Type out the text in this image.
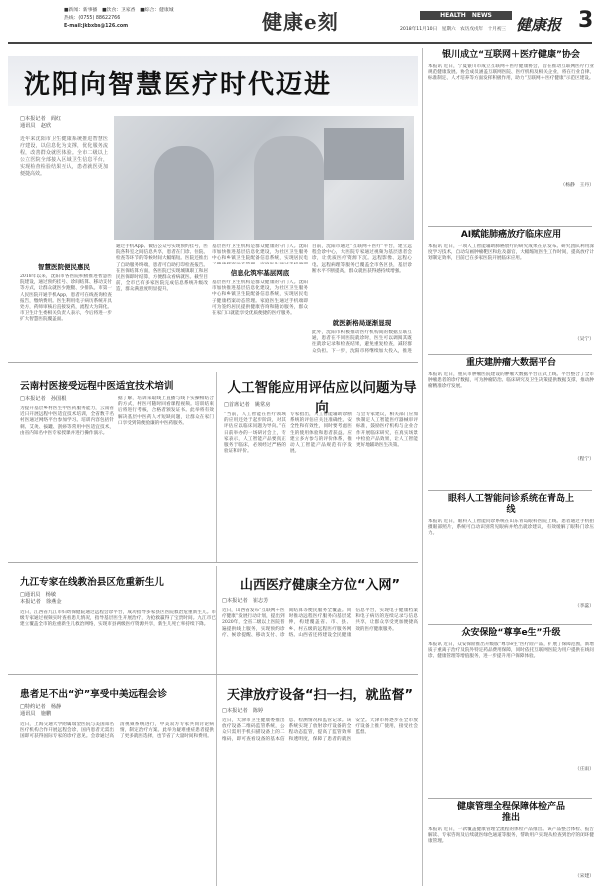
■新闻：新事播　■饮食：卫家香　■综合：健康城
热线：(0755) 88622766
E-mail:jkbxbs@126.com	健康e刻	HEALTH　NEWS
2018年11月10日　星期六　农历戊戌年　十月初三 健康报 3
沈阳向智慧医疗时代迈进
□本报记者　阎红
通讯员　赵欣
近年来沈阳市卫生健康系统推进智慧医疗建设，以信息化为支撑，优化服务流程，改善群众就医体验。全市二级以上公立医院全部接入区域卫生信息平台，实现检查检验结果互认，患者就医更加便捷高效。
智慧医院便民惠民
2018年以来，沈阳市各医院积极推进智慧医院建设，通过预约挂号、诊间结算、移动支付等方式，让群众就医少跑腿、少排队。市第一人民医院开通手机App，患者可在线查询检查报告，缴纳费用。医生利用电子病历系统开具处方，药师审核后直接发药，流程大为简化。市卫生计生委相关负责人表示，今后将进一步扩大智慧医院覆盖面。
通过手机App、微信公众号实现预约挂号，医院各科室之间信息共享，患者在门诊、住院、检查等环节的等候时间大幅缩短。医院还推出了自助服务终端，患者可自助打印检查报告。在医保结算方面，各医院已实现城镇职工和居民医保即时结算，方便群众看病就医。截至目前，全市已有多家医院完成信息系统升级改造，群众满意度明显提升。
基层医疗卫生机构是群众健康的守门人。沈阳市加快推进基层信息化建设，为社区卫生服务中心和乡镇卫生院配备信息系统，实现居民电
信息化筑牢基层网底
基层医疗卫生机构是群众健康的守门人。沈阳市加快推进基层信息化建设，为社区卫生服务中心和乡镇卫生院配备信息系统，实现居民电子健康档案动态管理。家庭医生通过手机端即可为签约居民提供健康咨询和随访服务，群众在家门口就能享受优质便捷的医疗服务。
目前，沈阳市通过“互联网＋医疗”平台，建立远程会诊中心，大医院专家通过视频为基层患者会诊，让优质医疗资源下沉。远程影像、远程心电、远程病理等服务已覆盖全市各区县，基层诊断水平不断提高，群众就医获得感持续增强。
就医新格局逐渐显现
此外，沈阳市积极推动医疗机构间的数据互联互通，患者在不同医院就诊时，医生可以调阅其既往就诊记录和检查结果，避免重复检查，减轻群众负担。下一步，沈阳市将继续加大投入，推进
银川成立“互联网＋医疗健康”协会
本报讯 近日，宁夏银川市成立互联网＋医疗健康协会，旨在推动互联网医疗行业规范健康发展。协会成员涵盖互联网医院、医疗机构及相关企业，将在行业自律、标准制定、人才培养等方面发挥积极作用，助力“互联网＋医疗健康”示范区建设。
（杨静　王丹）
AI赋能肺癌放疗临床应用
本报讯 近日，一项人工智能辅助肺癌放疗的研究成果在京发布。研究团队利用深度学习技术，自动勾画肿瘤靶区和危及器官，大幅缩短医生工作时间，提高放疗计划制定效率，目前已在多家医院开展临床应用。
（吴宁）
重庆建肿瘤大数据平台
本报讯 近日，重庆市肿瘤医院建设的肿瘤大数据平台正式上线。平台整合了全市肿瘤患者的诊疗数据，可为肿瘤防治、临床研究及卫生决策提供数据支撑，推动肿瘤精准诊疗发展。
（程宁）
眼科人工智能问诊系统在青岛上线
本报讯 近日，眼科人工智能问诊系统在山东青岛眼科医院上线。患者通过手机拍摄眼部照片，系统可自动识别常见眼病并给出就诊建议，有效缓解了眼科门诊压力。
（李蕊）
众安保险“尊享e生”升级
本报讯 近日，众安保险推出升级版“尊享e生”医疗险产品，扩展了保障范围，新增质子重离子治疗及院外特定药品费用保障，同时依托互联网医院为用户提供在线问诊、健康管理等增值服务，进一步提升用户保障体验。
（庄雨）
健康管理全程保障体检产品推出
本报讯 近日，一款覆盖健康管理全流程的体检产品推出。该产品整合体检、报告解读、专家咨询及后续就医绿色通道等服务，帮助用户实现从检查到治疗的闭环健康管理。
（宋建）
云南村医接受远程中医适宜技术培训
□本报记者　孙国根
为提升基层乡村医生中医药服务能力，云南省近日开展远程中医适宜技术培训，全省数千名村医通过网络平台参加学习。培训内容包括针刺、艾灸、拔罐、刮痧等常用中医适宜技术，由省内知名中医专家授课并进行操作演示。
据了解，培训采取线上直播与线下实操相结合的方式，村医可随时回看课程视频。培训结束后将进行考核，合格者颁发证书。此举将有效解决基层中医药人才短缺问题，让群众在家门口享受到简便验廉的中医药服务。
人工智能应用评估应以问题为导向
□首席记者　姚常房
“当前，人工智能在医疗领域的应用还处于起步阶段，对其评估应以临床问题为导向。”在日前举办的一场研讨会上，专家表示，人工智能产品要真正服务于临床，必须经过严格的验证和评价。
专家指出，人工智能辅助诊断系统的评估应关注准确性、安全性和有效性，同时要考虑医生的使用体验和患者获益。应建立多方参与的评价体系，推动人工智能产品规范有序发展。
与会专家建议，相关部门应加快制定人工智能医疗器械审评标准，鼓励医疗机构与企业合作开展临床研究，在真实场景中检验产品效果，让人工智能更好地辅助医生决策。
九江专家在线教治县区危重新生儿
□通讯员　杨敏
本报记者　徐燕金
近日，江西省九江市妇幼保健院通过远程会诊平台，成功指导多家县区医院救治危重新生儿。市级专家通过视频实时查看患儿情况，指导基层医生开展治疗，为抢救赢得了宝贵时间。九江市已建立覆盖全市的危重新生儿救治网络，实现市县两级医疗资源共享，新生儿死亡率持续下降。
山西医疗健康全方位“入网”
□本报记者　崔志芳
近日，山西省发布“互联网＋医疗健康”发展行动计划，提出到2020年，全省二级以上医院普遍提供线上服务，实现预约诊疗、候诊提醒、移动支付、诊间结算等便民服务全覆盖。同时推动远程医疗服务向基层延伸，构建覆盖省、市、县、乡、村五级的远程医疗服务网络。山西省还将建设全民健康信息平台，实现电子健康档案和电子病历的连续记录与信息共享，让群众享受更加便捷高效的医疗健康服务。
患者足不出“沪”享受中美远程会诊
□特约记者　杨静
通讯员　施鹏
近日，上海交通大学附属瑞金医院与美国知名医疗机构合作开展远程会诊，国内患者无需出国即可获得国际专家的诊疗意见。会诊通过高清视频系统进行，中美双方专家共同讨论病情，制定治疗方案。此举为疑难重症患者提供了更多就医选择，也节省了大量时间和费用。
天津放疗设备“扫一扫，就监督”
□本报记者　陈婷
近日，天津市卫生健康委推出放疗设备二维码监管系统，公众只需用手机扫描设备上的二维码，即可查看设备的基本信息、检测情况和监管记录。该系统实现了放射诊疗设备的全程动态监管，提高了监管效率和透明度，保障了患者的就医安全。天津市将逐步在全市放疗设备上推广使用，接受社会监督。
